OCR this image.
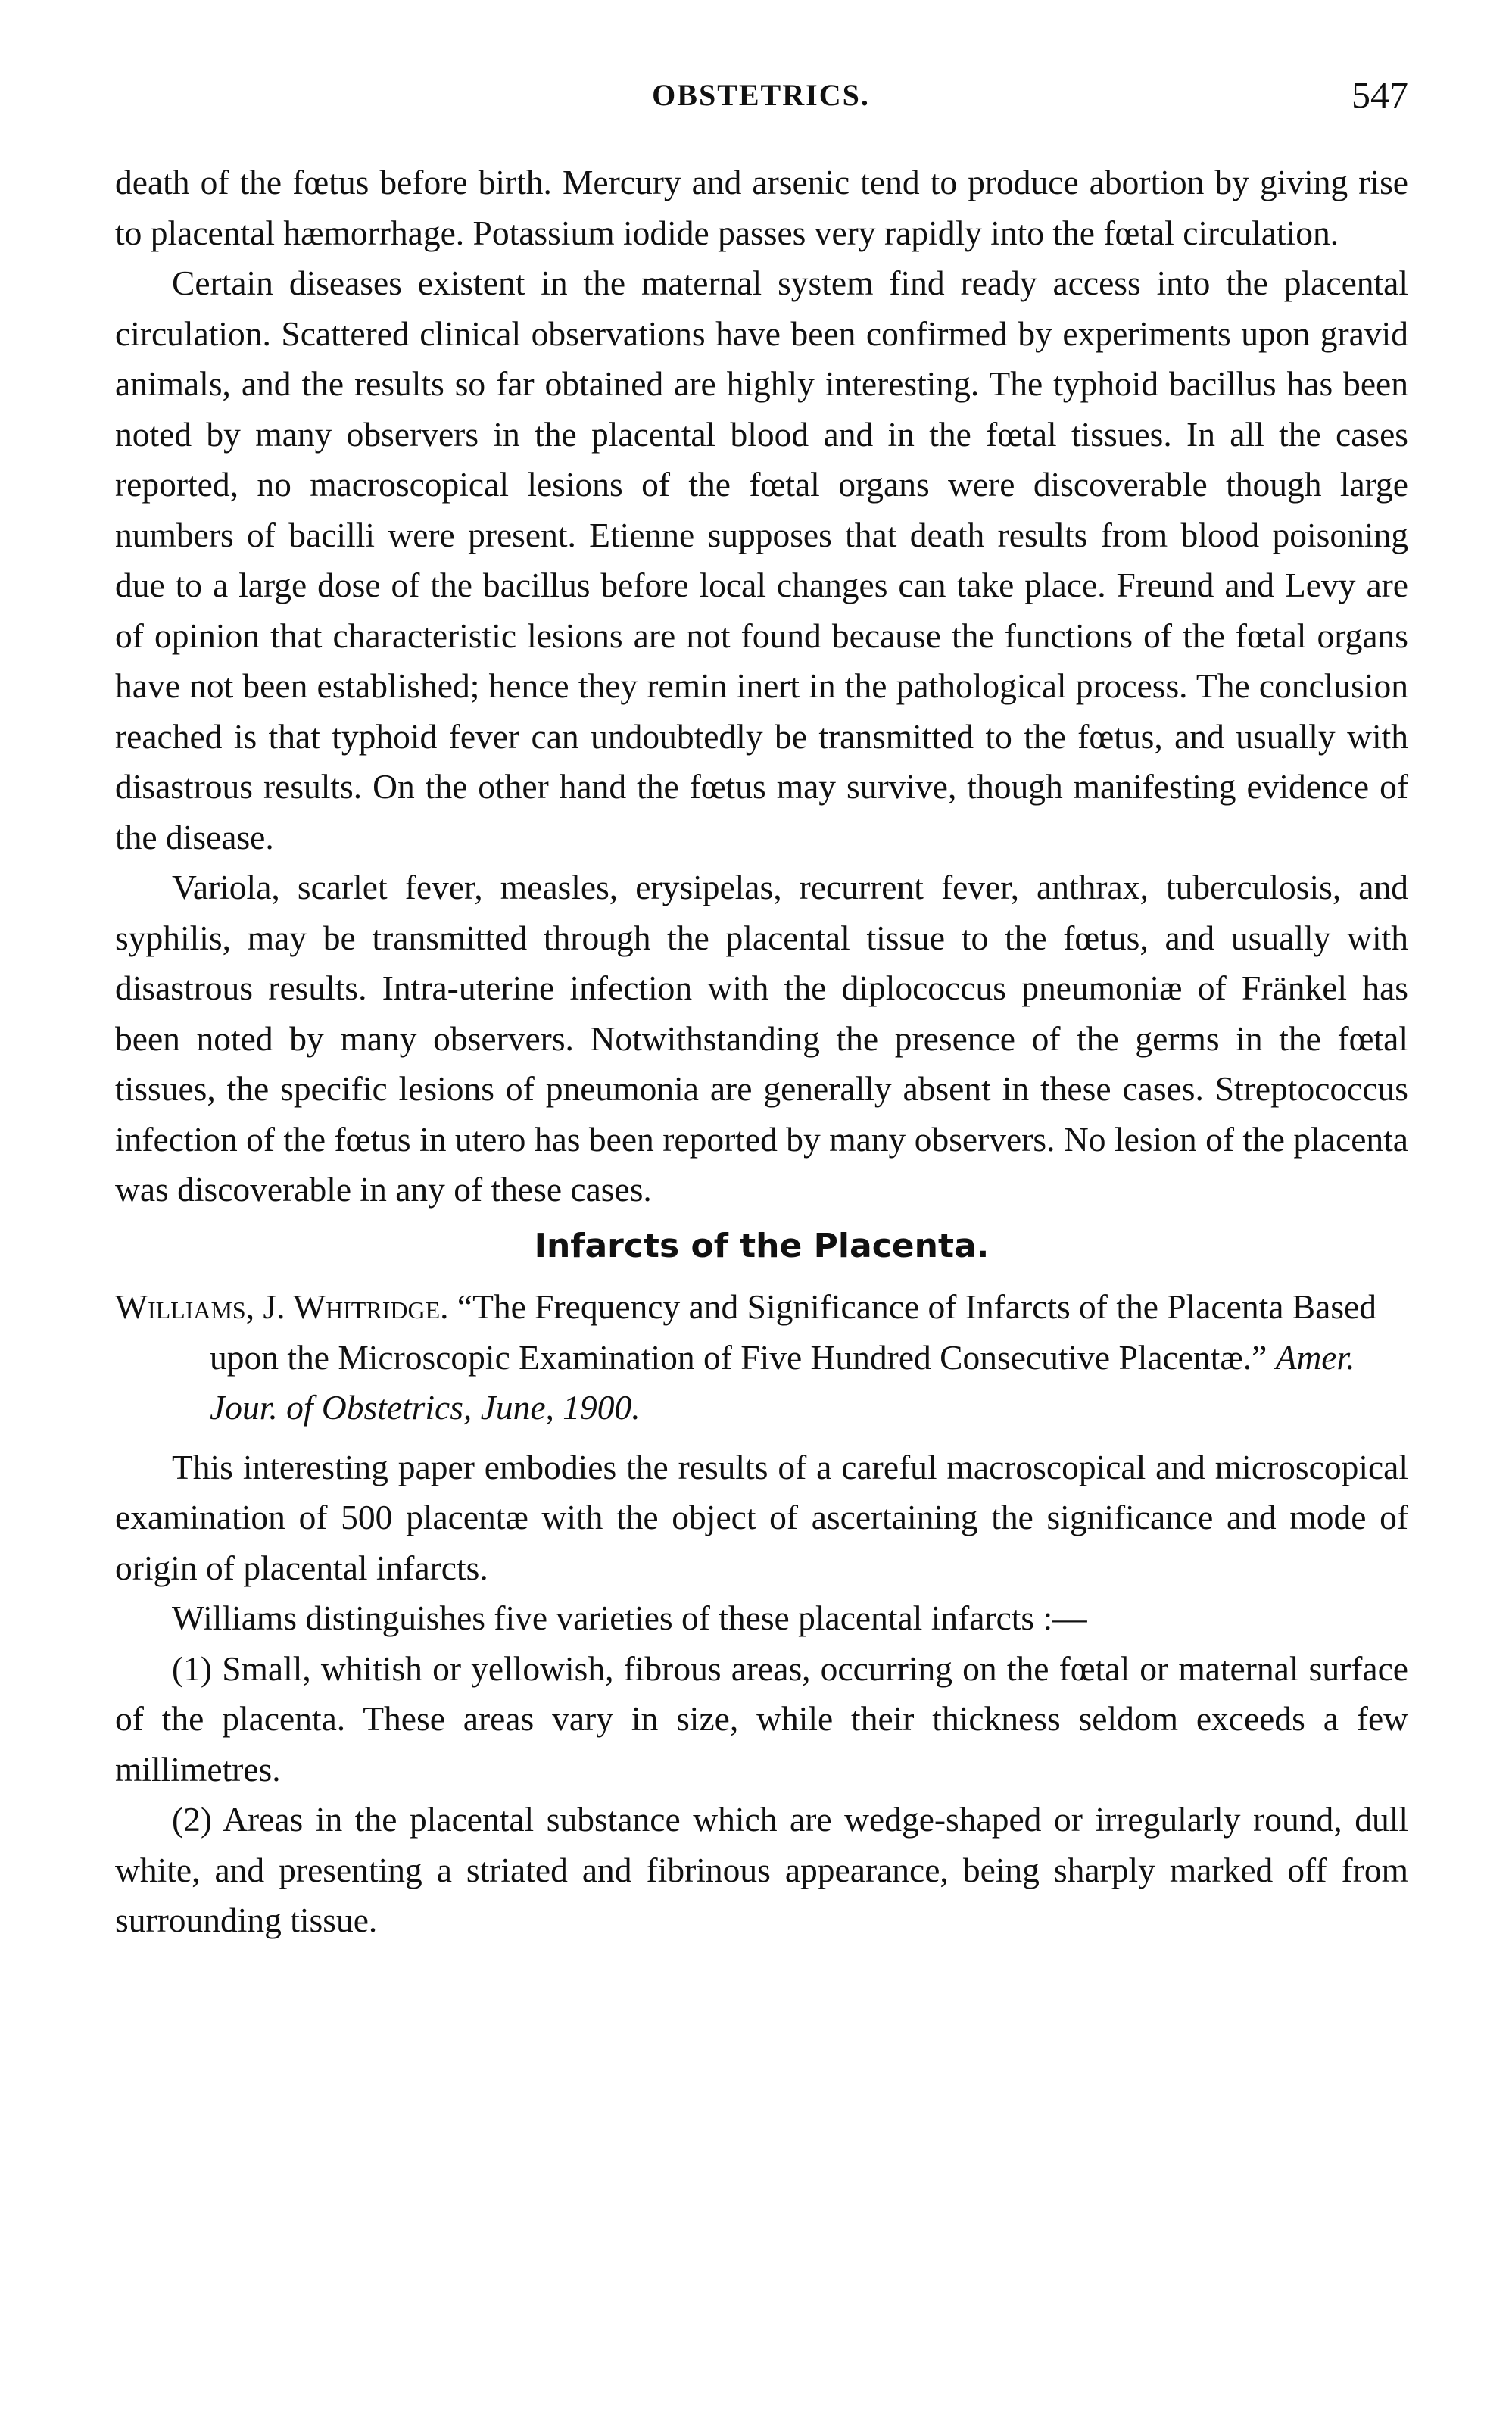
OBSTETRICS.	547

death of the fœtus before birth. Mercury and arsenic tend to produce abortion by giving rise to placental hæmorrhage. Potassium iodide passes very rapidly into the fœtal circulation.

Certain diseases existent in the maternal system find ready access into the placental circulation. Scattered clinical observations have been confirmed by experiments upon gravid animals, and the results so far obtained are highly interesting. The typhoid bacillus has been noted by many observers in the placental blood and in the fœtal tissues. In all the cases reported, no macroscopical lesions of the fœtal organs were discoverable though large numbers of bacilli were present. Etienne supposes that death results from blood poisoning due to a large dose of the bacillus before local changes can take place. Freund and Levy are of opinion that characteristic lesions are not found because the functions of the fœtal organs have not been established; hence they remin inert in the pathological process. The conclusion reached is that typhoid fever can undoubtedly be transmitted to the fœtus, and usually with disastrous results. On the other hand the fœtus may survive, though manifesting evidence of the disease.

Variola, scarlet fever, measles, erysipelas, recurrent fever, anthrax, tuberculosis, and syphilis, may be transmitted through the placental tissue to the fœtus, and usually with disastrous results. Intra-uterine infection with the diplococcus pneumoniæ of Fränkel has been noted by many observers. Notwithstanding the presence of the germs in the fœtal tissues, the specific lesions of pneumonia are generally absent in these cases. Streptococcus infection of the fœtus in utero has been reported by many observers. No lesion of the placenta was discoverable in any of these cases.

Infarcts of the Placenta.

Williams, J. Whitridge. “The Frequency and Significance of Infarcts of the Placenta Based upon the Microscopic Examination of Five Hundred Consecutive Placentæ.” Amer. Jour. of Obstetrics, June, 1900.

This interesting paper embodies the results of a careful macroscopical and microscopical examination of 500 placentæ with the object of ascertaining the significance and mode of origin of placental infarcts.

Williams distinguishes five varieties of these placental infarcts :—

(1) Small, whitish or yellowish, fibrous areas, occurring on the fœtal or maternal surface of the placenta. These areas vary in size, while their thickness seldom exceeds a few millimetres.

(2) Areas in the placental substance which are wedge-shaped or irregularly round, dull white, and presenting a striated and fibrinous appearance, being sharply marked off from surrounding tissue.
